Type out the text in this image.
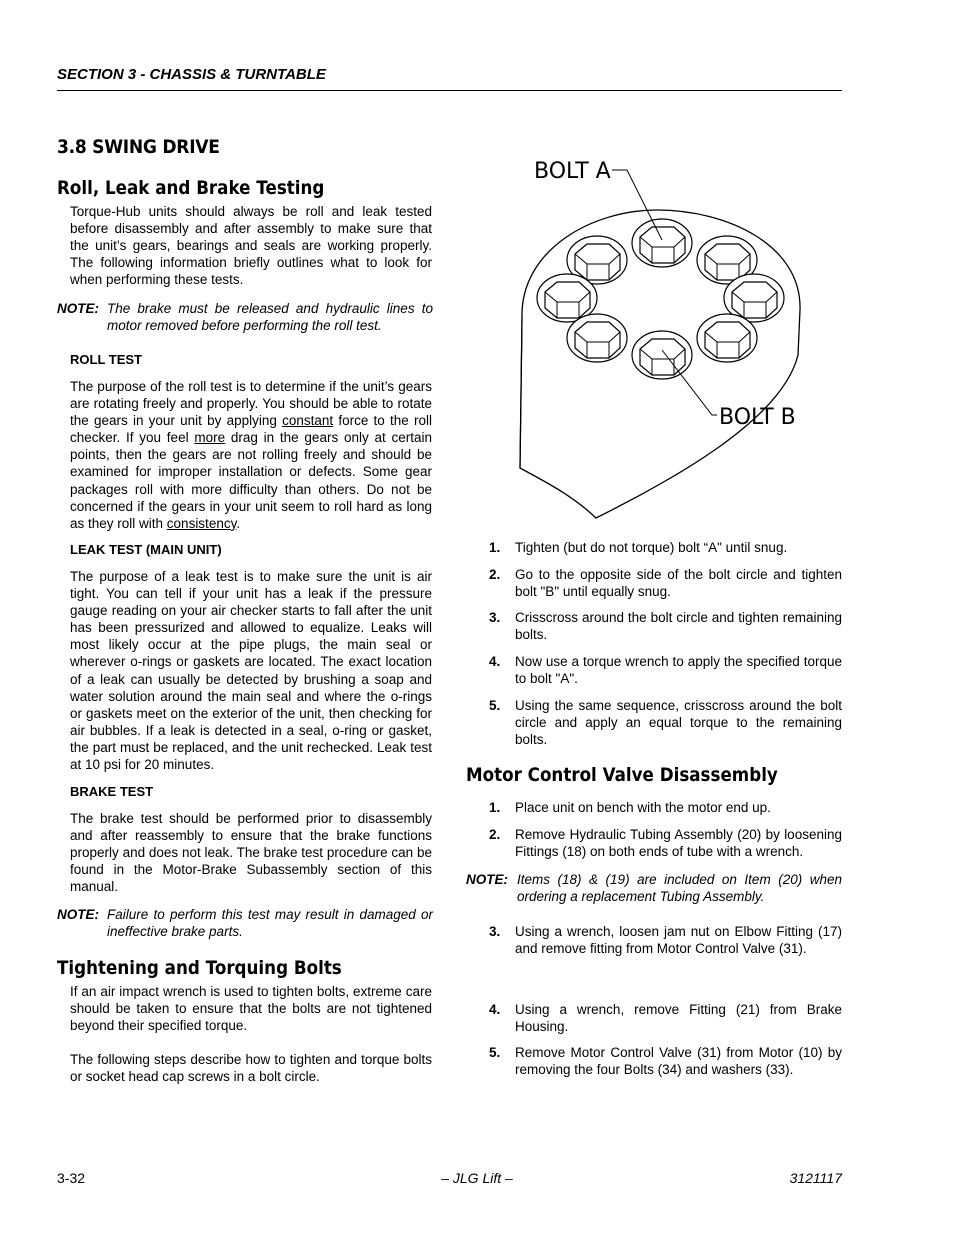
SECTION 3 - CHASSIS & TURNTABLE
3.8 SWING DRIVE
Roll, Leak and Brake Testing

Torque-Hub units should always be roll and leak tested before disassembly and after assembly to make sure that the unit’s gears, bearings and seals are working properly. The following information briefly outlines what to look for when performing these tests.

NOTE: The brake must be released and hydraulic lines to motor removed before performing the roll test.
ROLL TEST

The purpose of the roll test is to determine if the unit’s gears are rotating freely and properly. You should be able to rotate the gears in your unit by applying constant force to the roll checker. If you feel more drag in the gears only at certain points, then the gears are not rolling freely and should be examined for improper installation or defects. Some gear packages roll with more difficulty than others. Do not be concerned if the gears in your unit seem to roll hard as long as they roll with consistency.

LEAK TEST (MAIN UNIT)

The purpose of a leak test is to make sure the unit is air tight. You can tell if your unit has a leak if the pressure gauge reading on your air checker starts to fall after the unit has been pressurized and allowed to equalize. Leaks will most likely occur at the pipe plugs, the main seal or wherever o-rings or gaskets are located. The exact location of a leak can usually be detected by brushing a soap and water solution around the main seal and where the o-rings or gaskets meet on the exterior of the unit, then checking for air bubbles. If a leak is detected in a seal, o-ring or gasket, the part must be replaced, and the unit rechecked. Leak test at 10 psi for 20 minutes.

BRAKE TEST

The brake test should be performed prior to disassembly and after reassembly to ensure that the brake functions properly and does not leak. The brake test procedure can be found in the Motor-Brake Subassembly section of this manual.

NOTE: Failure to perform this test may result in damaged or ineffective brake parts.
Tightening and Torquing Bolts

If an air impact wrench is used to tighten bolts, extreme care should be taken to ensure that the bolts are not tightened beyond their specified torque.

The following steps describe how to tighten and torque bolts or socket head cap screws in a bolt circle.

BOLT A
BOLT B
1. Tighten (but do not torque) bolt “A" until snug.
2. Go to the opposite side of the bolt circle and tighten bolt "B" until equally snug.
3. Crisscross around the bolt circle and tighten remaining bolts.
4. Now use a torque wrench to apply the specified torque to bolt "A".
5. Using the same sequence, crisscross around the bolt circle and apply an equal torque to the remaining bolts.
Motor Control Valve Disassembly
1. Place unit on bench with the motor end up.
2. Remove Hydraulic Tubing Assembly (20) by loosening Fittings (18) on both ends of tube with a wrench.
NOTE: Items (18) & (19) are included on Item (20) when ordering a replacement Tubing Assembly.
3. Using a wrench, loosen jam nut on Elbow Fitting (17) and remove fitting from Motor Control Valve (31).
4. Using a wrench, remove Fitting (21) from Brake Housing.
5. Remove Motor Control Valve (31) from Motor (10) by removing the four Bolts (34) and washers (33).
3-32	– JLG Lift –	3121117
